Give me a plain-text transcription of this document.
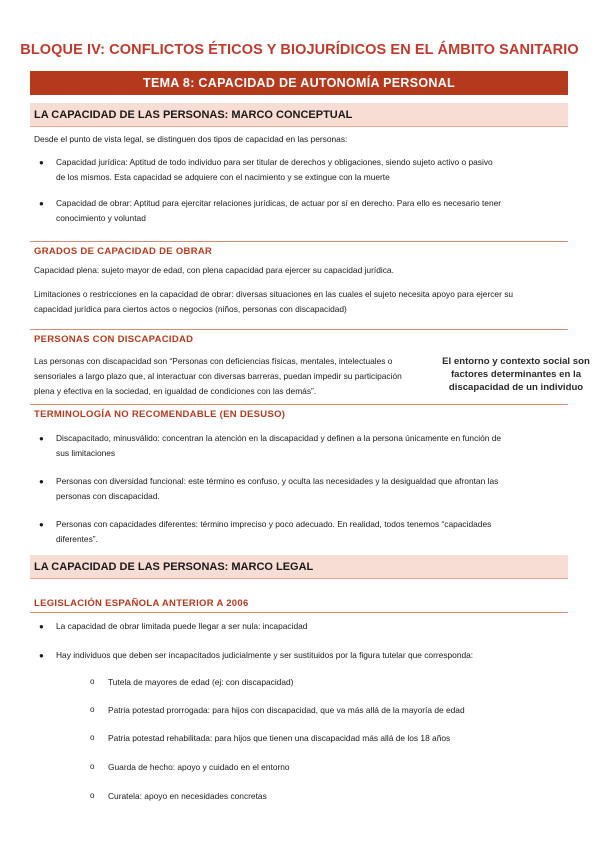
BLOQUE IV: CONFLICTOS ÉTICOS Y BIOJURÍDICOS EN EL ÁMBITO SANITARIO
TEMA 8: CAPACIDAD DE AUTONOMÍA PERSONAL
LA CAPACIDAD DE LAS PERSONAS: MARCO CONCEPTUAL
Desde el punto de vista legal, se distinguen dos tipos de capacidad en las personas:
● Capacidad jurídica: Aptitud de todo individuo para ser titular de derechos y obligaciones, siendo sujeto activo o pasivo
de los mismos. Esta capacidad se adquiere con el nacimiento y se extingue con la muerte
● Capacidad de obrar: Aptitud para ejercitar relaciones jurídicas, de actuar por sí en derecho. Para ello es necesario tener
conocimiento y voluntad
GRADOS DE CAPACIDAD DE OBRAR
Capacidad plena: sujeto mayor de edad, con plena capacidad para ejercer su capacidad jurídica.
Limitaciones o restricciones en la capacidad de obrar: diversas situaciones en las cuales el sujeto necesita apoyo para ejercer su
capacidad jurídica para ciertos actos o negocios (niños, personas con discapacidad)
PERSONAS CON DISCAPACIDAD
Las personas con discapacidad son “Personas con deficiencias físicas, mentales, intelectuales o
sensoriales a largo plazo que, al interactuar con diversas barreras, puedan impedir su participación
plena y efectiva en la sociedad, en igualdad de condiciones con las demás”.
El entorno y contexto social son
factores determinantes en la
discapacidad de un individuo
TERMINOLOGÍA NO RECOMENDABLE (EN DESUSO)
● Discapacitado, minusválido: concentran la atención en la discapacidad y definen a la persona únicamente en función de
sus limitaciones
● Personas con diversidad funcional: este término es confuso, y oculta las necesidades y la desigualdad que afrontan las
personas con discapacidad.
● Personas con capacidades diferentes: término impreciso y poco adecuado. En realidad, todos tenemos “capacidades
diferentes”.
LA CAPACIDAD DE LAS PERSONAS: MARCO LEGAL
LEGISLACIÓN ESPAÑOLA ANTERIOR A 2006
● La capacidad de obrar limitada puede llegar a ser nula: incapacidad
● Hay individuos que deben ser incapacitados judicialmente y ser sustituidos por la figura tutelar que corresponda:
o Tutela de mayores de edad (ej: con discapacidad)
o Patria potestad prorrogada: para hijos con discapacidad, que va más allá de la mayoría de edad
o Patria potestad rehabilitada: para hijos que tienen una discapacidad más allá de los 18 años
o Guarda de hecho: apoyo y cuidado en el entorno
o Curatela: apoyo en necesidades concretas
